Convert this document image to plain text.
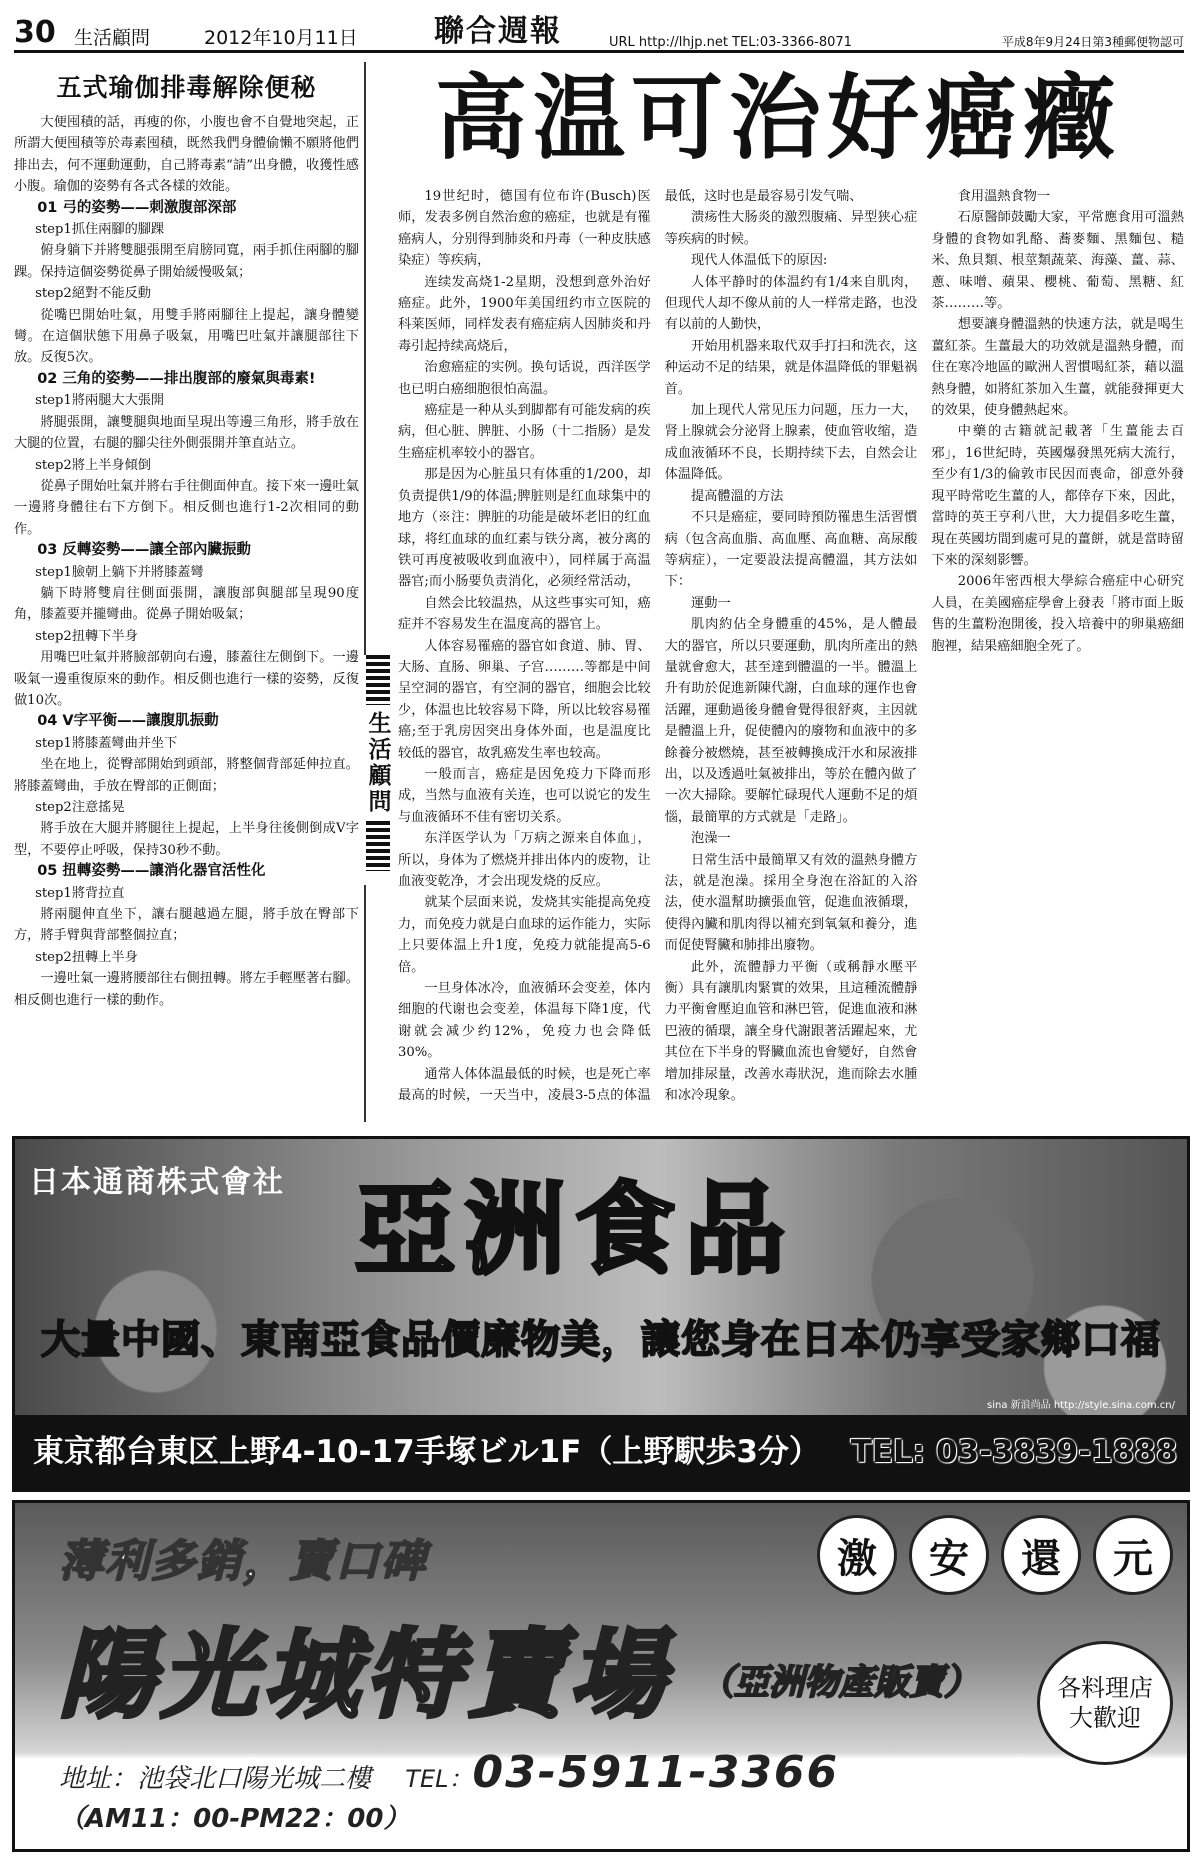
30 生活顧問	2012年10月11日	聯合週報	URL http://lhjp.net TEL:03-3366-8071	平成8年9月24日第3種郵便物認可
五式瑜伽排毒解除便秘

大便囤積的話，再瘦的你，小腹也會不自覺地突起，正所謂大便囤積等於毒素囤積，既然我們身體偷懶不願將他們排出去，何不運動運動，自己將毒素“請”出身體，收獲性感小腹。瑜伽的姿勢有各式各樣的效能。

01 弓的姿勢——刺激腹部深部

step1抓住兩腳的腳踝

俯身躺下并將雙腿張開至肩膀同寬，兩手抓住兩腳的腳踝。保持這個姿勢從鼻子開始緩慢吸氣；

step2絕對不能反動

從嘴巴開始吐氣，用雙手將兩腳往上提起，讓身體變彎。在這個狀態下用鼻子吸氣，用嘴巴吐氣并讓腿部往下放。反復5次。

02 三角的姿勢——排出腹部的廢氣與毒素!

step1將兩腿大大張開

將腿張開，讓雙腿與地面呈現出等邊三角形，將手放在大腿的位置，右腿的腳尖往外側張開并筆直站立。

step2將上半身傾倒

從鼻子開始吐氣并將右手往側面伸直。接下來一邊吐氣一邊將身體往右下方倒下。相反側也進行1-2次相同的動作。

03 反轉姿勢——讓全部內臟振動

step1臉朝上躺下并將膝蓋彎

躺下時將雙肩往側面張開，讓腹部與腿部呈現90度角，膝蓋要并攏彎曲。從鼻子開始吸氣；

step2扭轉下半身

用嘴巴吐氣并將臉部朝向右邊，膝蓋往左側倒下。一邊吸氣一邊重復原來的動作。相反側也進行一樣的姿勢，反復做10次。

04 V字平衡——讓腹肌振動

step1將膝蓋彎曲并坐下

坐在地上，從臀部開始到頭部，將整個背部延伸拉直。將膝蓋彎曲，手放在臀部的正側面；

step2注意搖晃

將手放在大腿并將腿往上提起，上半身往後側倒成V字型，不要停止呼吸，保持30秒不動。

05 扭轉姿勢——讓消化器官活性化

step1將背拉直

將兩腿伸直坐下，讓右腿越過左腿，將手放在臀部下方，將手臂與背部整個拉直；

step2扭轉上半身

一邊吐氣一邊將腰部往右側扭轉。將左手輕壓著右腳。相反側也進行一樣的動作。

生活顧問
高温可治好癌癥

19世纪时，德国有位布许(Busch)医师，发表多例自然治愈的癌症，也就是有罹癌病人，分别得到肺炎和丹毒（一种皮肤感染症）等疾病，

连续发高烧1-2星期，没想到意外治好癌症。此外，1900年美国纽约市立医院的科莱医师，同样发表有癌症病人因肺炎和丹毒引起持续高烧后，

治愈癌症的实例。换句话说，西洋医学也已明白癌细胞很怕高温。

癌症是一种从头到脚都有可能发病的疾病，但心脏、脾脏、小肠（十二指肠）是发生癌症机率较小的器官。

那是因为心脏虽只有体重的1/200，却负责提供1/9的体温;脾脏则是红血球集中的地方（※注：脾脏的功能是破坏老旧的红血球，将红血球的血红素与铁分离，被分离的铁可再度被吸收到血液中），同样属于高温器官;而小肠要负责消化，必须经常活动，

自然会比较温热，从这些事实可知，癌症并不容易发生在温度高的器官上。

人体容易罹癌的器官如食道、肺、胃、大肠、直肠、卵巢、子宫………等都是中间呈空洞的器官，有空洞的器官，细胞会比较少，体温也比较容易下降，所以比较容易罹癌;至于乳房因突出身体外面，也是温度比较低的器官，故乳癌发生率也较高。

一般而言，癌症是因免疫力下降而形成，当然与血液有关连，也可以说它的发生与血液循环不佳有密切关系。

东洋医学认为「万病之源来自体血」，所以，身体为了燃烧并排出体内的废物，让血液变乾净，才会出现发烧的反应。

就某个层面来说，发烧其实能提高免疫力，而免疫力就是白血球的运作能力，实际上只要体温上升1度，免疫力就能提高5-6倍。

一旦身体冰冷，血液循环会变差，体内细胞的代谢也会变差，体温每下降1度，代谢就会减少约12%，免疫力也会降低30%。

通常人体体温最低的时候，也是死亡率最高的时候，一天当中，凌晨3-5点的体温最低，这时也是最容易引发气喘、

溃疡性大肠炎的激烈腹痛、异型狭心症等疾病的时候。

现代人体温低下的原因:

人体平静时的体温约有1/4来自肌肉，但现代人却不像从前的人一样常走路，也没有以前的人勤快，

开始用机器来取代双手打扫和洗衣，这种运动不足的结果，就是体温降低的罪魁祸首。

加上现代人常见压力问题，压力一大，肾上腺就会分泌肾上腺素，使血管收缩，造成血液循环不良，长期持续下去，自然会让体温降低。

提高體溫的方法

不只是癌症，要同時預防罹患生活習慣病（包含高血脂、高血壓、高血糖、高尿酸等病症），一定要設法提高體溫，其方法如下：

運動一

肌肉約佔全身體重的45%，是人體最大的器官，所以只要運動，肌肉所產出的熱量就會愈大，甚至達到體溫的一半。體溫上升有助於促進新陳代謝，白血球的運作也會活躍，運動過後身體會覺得很舒爽，主因就是體溫上升，促使體內的廢物和血液中的多餘養分被燃燒，甚至被轉換成汗水和尿液排出，以及透過吐氣被排出，等於在體內做了一次大掃除。要解忙碌現代人運動不足的煩惱，最簡單的方式就是「走路」。

泡澡一

日常生活中最簡單又有效的溫熱身體方法，就是泡澡。採用全身泡在浴缸的入浴法，使水溫幫助擴張血管，促進血液循環，使得內臟和肌肉得以補充到氧氣和養分，進而促使腎臟和肺排出廢物。

此外，流體靜力平衡（或稱靜水壓平衡）具有讓肌肉緊實的效果，且這種流體靜力平衡會壓迫血管和淋巴管，促進血液和淋巴液的循環，讓全身代謝跟著活躍起來，尤其位在下半身的腎臟血流也會變好，自然會增加排尿量，改善水毒狀況，進而除去水腫和冰冷現象。

食用溫熱食物一

石原醫師鼓勵大家，平常應食用可溫熱身體的食物如乳酪、蕎麥麵、黑麵包、糙米、魚貝類、根莖類蔬菜、海藻、薑、蒜、蔥、味噌、蘋果、櫻桃、葡萄、黑糖、紅茶………等。

想要讓身體溫熱的快速方法，就是喝生薑紅茶。生薑最大的功效就是溫熱身體，而住在寒冷地區的歐洲人習慣喝紅茶，藉以溫熱身體，如將紅茶加入生薑，就能發揮更大的效果，使身體熱起來。

中藥的古籍就記載著「生薑能去百邪」，16世紀時，英國爆發黑死病大流行，至少有1/3的倫敦市民因而喪命，卻意外發現平時常吃生薑的人，都倖存下來，因此，當時的英王亨利八世，大力提倡多吃生薑，現在英國坊間到處可見的薑餅，就是當時留下來的深刻影響。

2006年密西根大學綜合癌症中心研究人員，在美國癌症學會上發表「將市面上販售的生薑粉泡開後，投入培養中的卵巢癌細胞裡，結果癌細胞全死了。

日本通商株式會社 亞洲食品
大量中國、東南亞食品價廉物美，讓您身在日本仍享受家鄉口福
sina 新浪尚品 http://style.sina.com.cn/
東京都台東区上野4-10-17手塚ビル1F（上野駅歩3分） TEL: 03-3839-1888
薄利多銷，賣口碑	激	安	還	元
陽光城特賣場 （亞洲物產販賣）	各料理店
大歡迎
地址：池袋北口陽光城二樓 TEL：03-5911-3366（AM11：00-PM22：00）
